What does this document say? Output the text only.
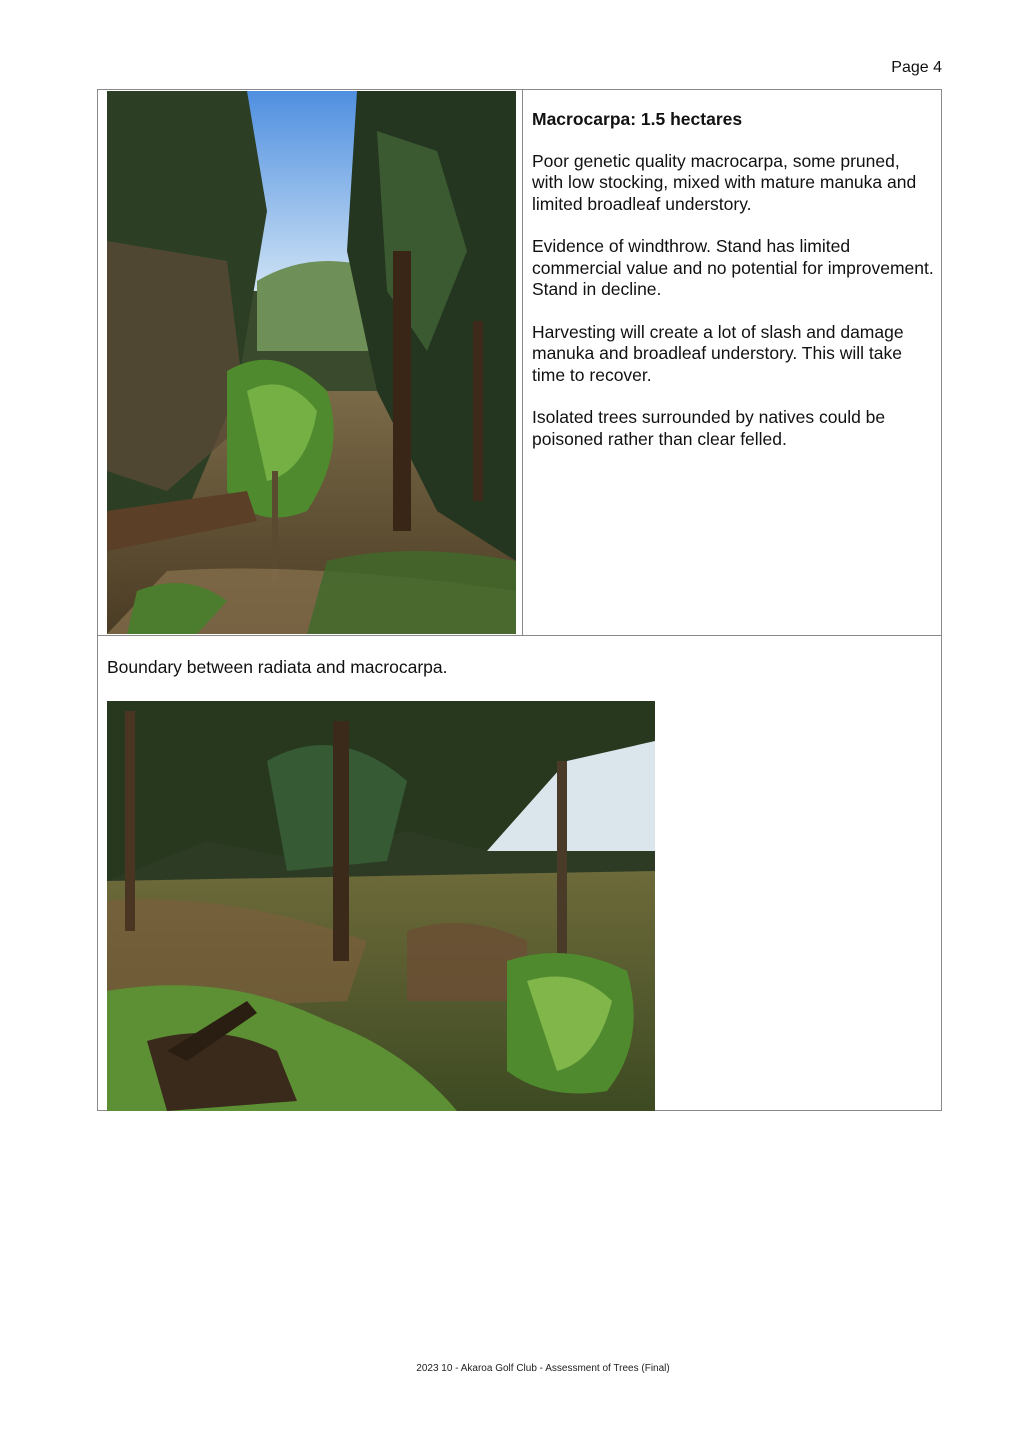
Page 4
Macrocarpa: 1.5 hectares

Poor genetic quality macrocarpa, some pruned, with low stocking, mixed with mature manuka and limited broadleaf understory.

Evidence of windthrow. Stand has limited commercial value and no potential for improvement. Stand in decline.

Harvesting will create a lot of slash and damage manuka and broadleaf understory. This will take time to recover.

Isolated trees surrounded by natives could be poisoned rather than clear felled.

Boundary between radiata and macrocarpa.
2023 10 - Akaroa Golf Club - Assessment of Trees (Final)
